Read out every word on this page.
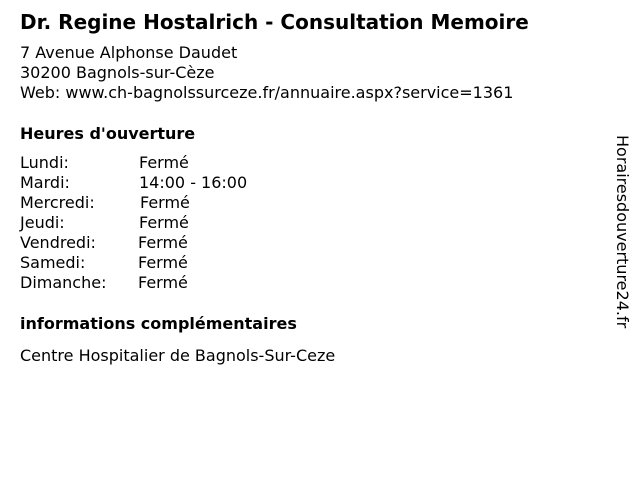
Dr. Regine Hostalrich - Consultation Memoire
7 Avenue Alphonse Daudet
30200 Bagnols-sur-Cèze
Web: www.ch-bagnolssurceze.fr/annuaire.aspx?service=1361
Heures d'ouverture
Lundi:	Fermé
Mardi:	14:00 - 16:00
Mercredi:	Fermé
Jeudi:	Fermé
Vendredi:	Fermé
Samedi:	Fermé
Dimanche: Fermé
informations complémentaires
Centre Hospitalier de Bagnols-Sur-Ceze
Horairesdouverture24.fr
